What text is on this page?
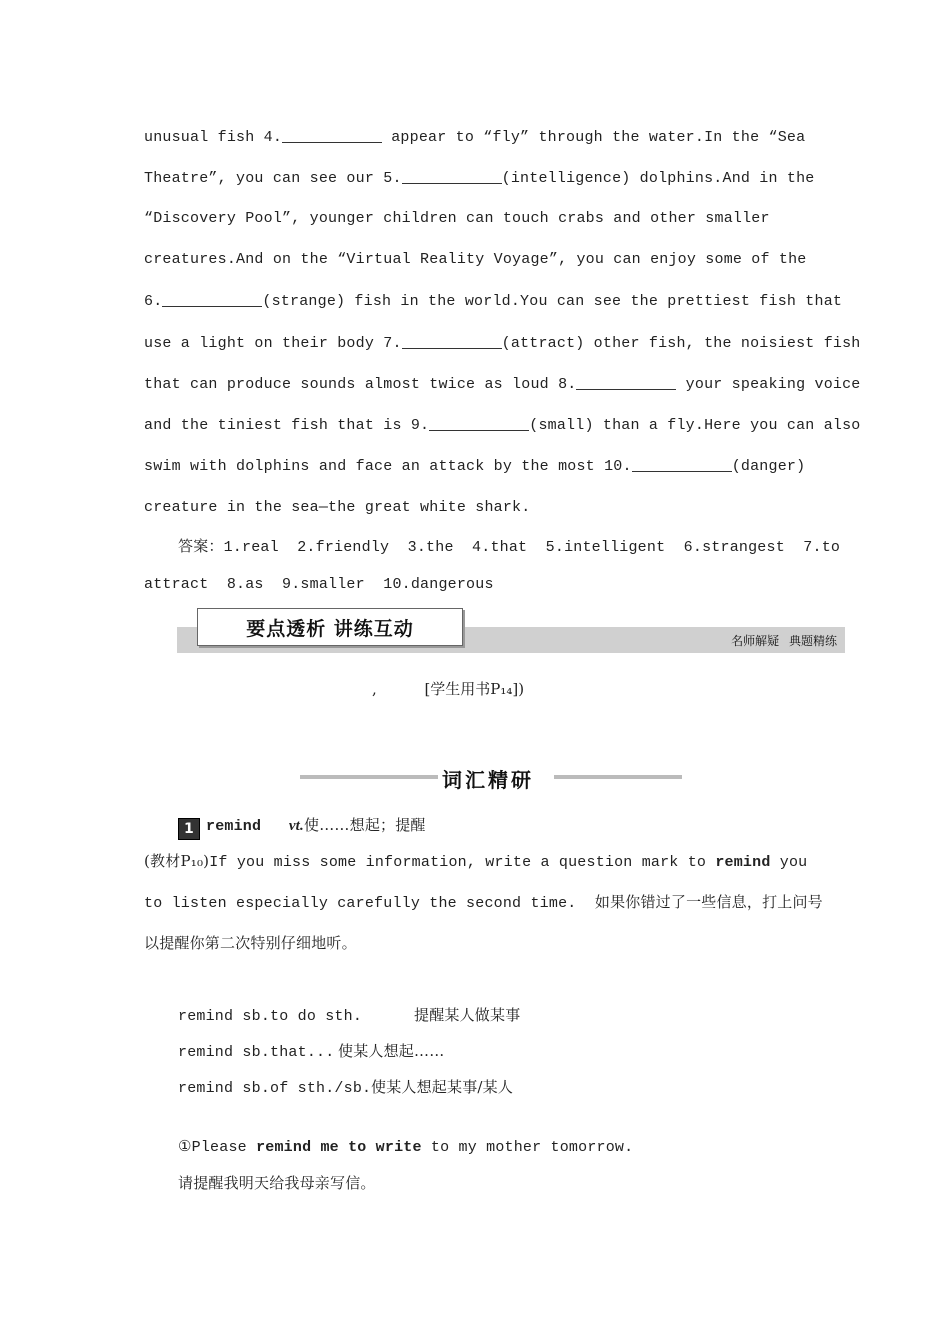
unusual fish 4.	appear to “fly” through the water.In the “Sea
Theatre”, you can see our 5.	(intelligence) dolphins.And in the
“Discovery Pool”, younger children can touch crabs and other smaller
creatures.And on the “Virtual Reality Voyage”, you can enjoy some of the
6.	(strange) fish in the world.You can see the prettiest fish that
use a light on their body 7.	(attract) other fish, the noisiest fish
that can produce sounds almost twice as loud 8.	your speaking voice
and the tiniest fish that is 9.	(small) than a fly.Here you can also
swim with dolphins and face an attack by the most 10.	(danger)
creature in the sea—the great white shark.
答案：1.real  2.friendly  3.the  4.that  5.intelligent  6.strangest  7.to
attract  8.as  9.smaller  10.dangerous
名师解疑 典题精练
要点透析 讲练互动
,          [学生用书P₁₄])
词汇精研
1 remind vt.使……想起；提醒
(教材P₁₀)If you miss some information, write a question mark to remind you
to listen especially carefully the second time.  如果你错过了一些信息，打上问号
以提醒你第二次特别仔细地听。
remind sb.to do sth.	提醒某人做某事
remind sb.that... 使某人想起……
remind sb.of sth./sb.使某人想起某事/某人
①Please remind me to write to my mother tomorrow.
请提醒我明天给我母亲写信。
